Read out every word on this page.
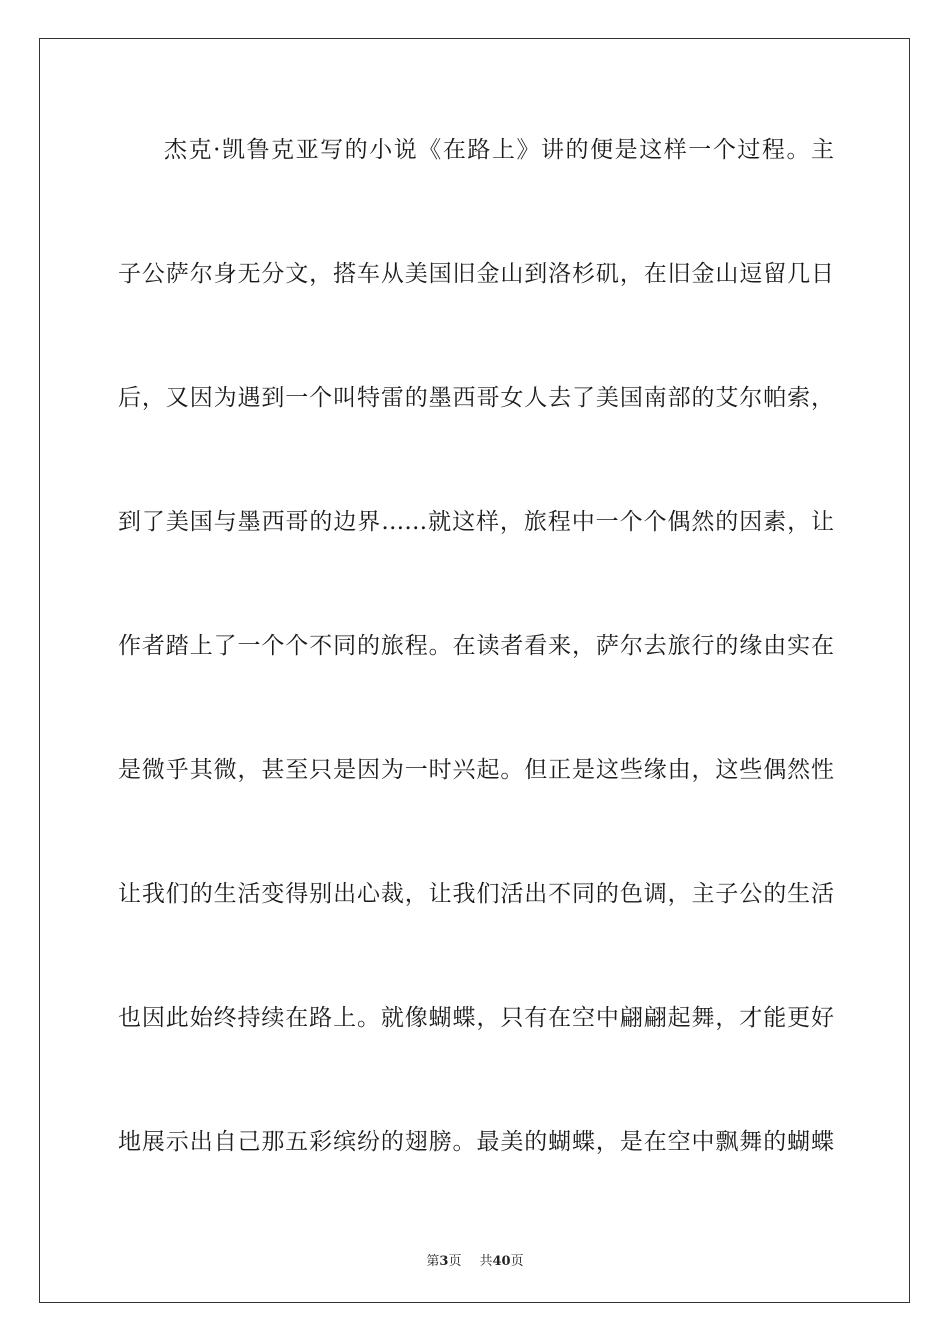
杰克·凯鲁克亚写的小说《在路上》讲的便是这样一个过程。主
子公萨尔身无分文，搭车从美国旧金山到洛杉矶，在旧金山逗留几日
后，又因为遇到一个叫特雷的墨西哥女人去了美国南部的艾尔帕索，
到了美国与墨西哥的边界……就这样，旅程中一个个偶然的因素，让
作者踏上了一个个不同的旅程。在读者看来，萨尔去旅行的缘由实在
是微乎其微，甚至只是因为一时兴起。但正是这些缘由，这些偶然性
让我们的生活变得别出心裁，让我们活出不同的色调，主子公的生活
也因此始终持续在路上。就像蝴蝶，只有在空中翩翩起舞，才能更好
地展示出自己那五彩缤纷的翅膀。最美的蝴蝶，是在空中飘舞的蝴蝶
第3页 共40页
